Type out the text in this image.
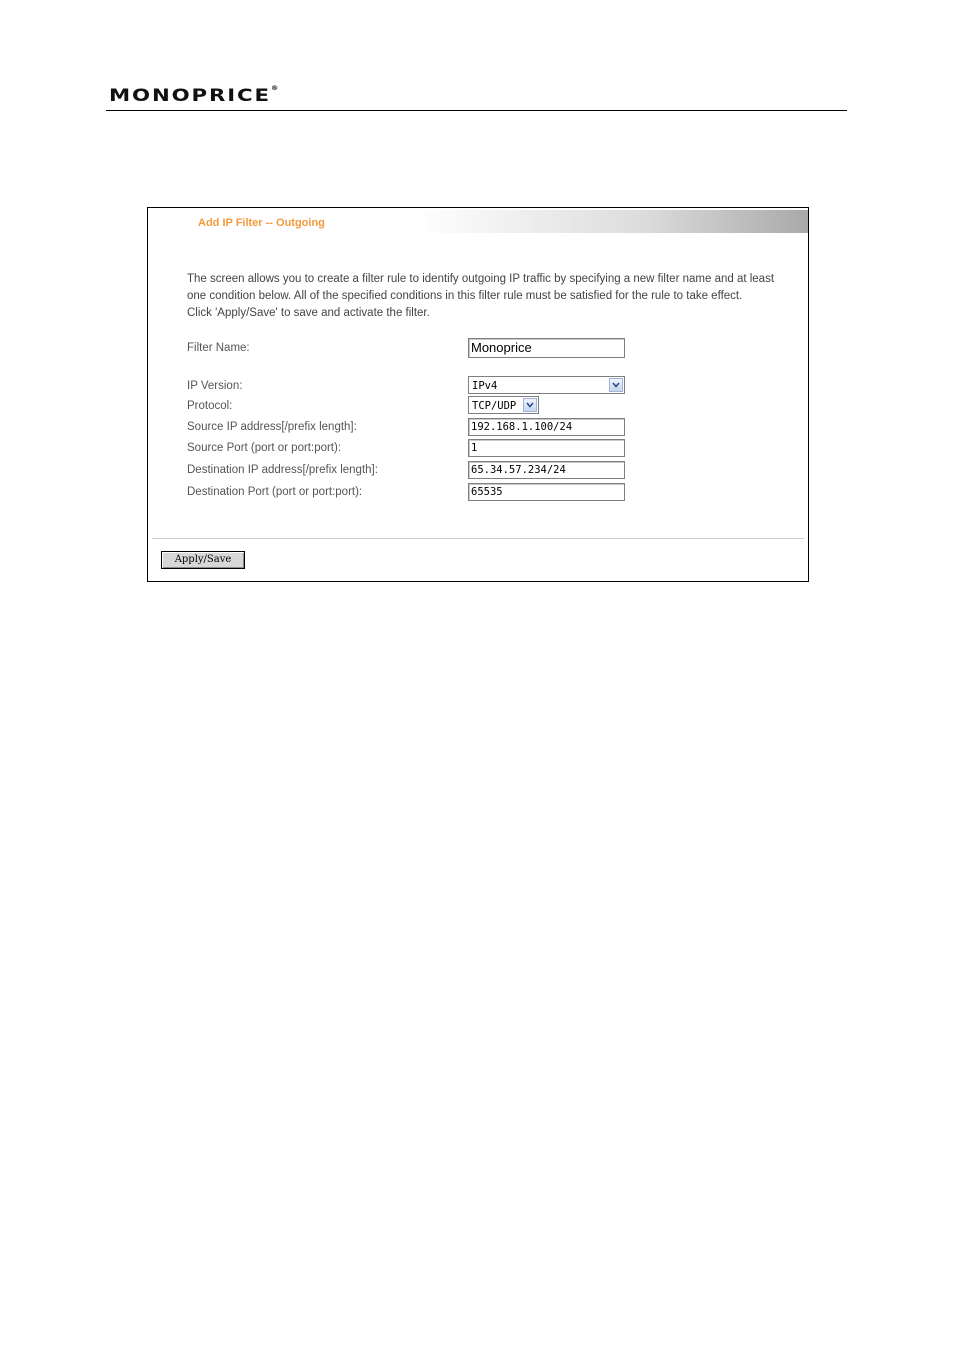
MONOPRICE®
Add IP Filter -- Outgoing
The screen allows you to create a filter rule to identify outgoing IP traffic by specifying a new filter name and at least
one condition below. All of the specified conditions in this filter rule must be satisfied for the rule to take effect.
Click 'Apply/Save' to save and activate the filter.
Filter Name:	Monoprice
IP Version:	IPv4
Protocol:	TCP/UDP
Source IP address[/prefix length]:	192.168.1.100/24
Source Port (port or port:port):	1
Destination IP address[/prefix length]:	65.34.57.234/24
Destination Port (port or port:port):	65535
Apply/Save
